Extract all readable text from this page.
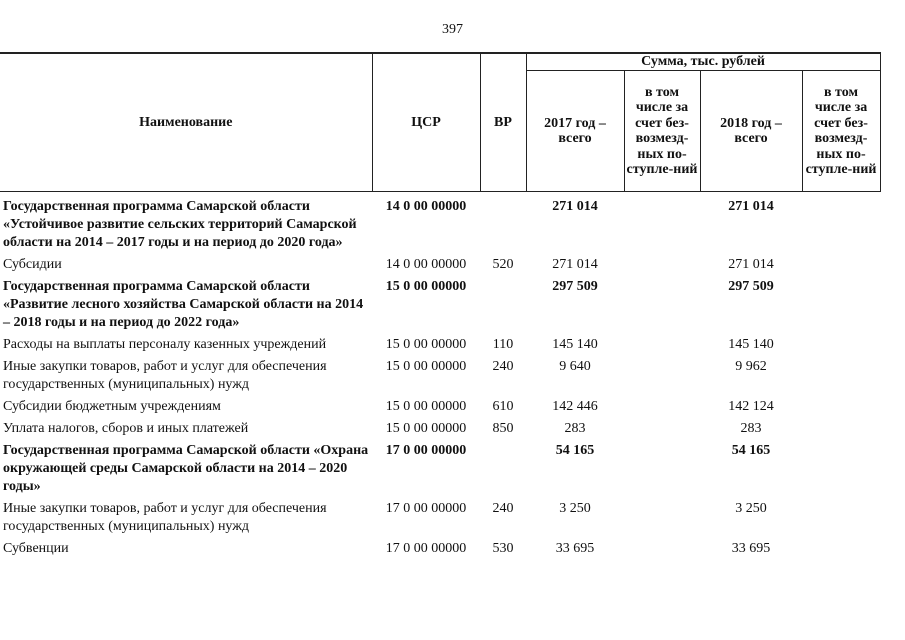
397
Наименование	ЦСР	ВР	Сумма, тыс. рублей			
			2017 год – всего	в том числе за счет без-возмезд-ных по-ступле-ний	2018 год – всего	в том числе за счет без-возмезд-ных по-ступле-ний

Государственная программа Самарской области «Устойчивое развитие сельских территорий Самарской области на 2014 – 2017 годы и на период до 2020 года»	14 0 00 00000		271 014		271 014	
Субсидии	14 0 00 00000	520	271 014		271 014	
Государственная программа Самарской области «Развитие лесного хозяйства Самарской области на 2014 – 2018 годы и на период до 2022 года»	15 0 00 00000		297 509		297 509	
Расходы на выплаты персоналу казенных учреждений	15 0 00 00000	110	145 140		145 140	
Иные закупки товаров, работ и услуг для обеспечения государственных (муниципальных) нужд	15 0 00 00000	240	9 640		9 962	
Субсидии бюджетным учреждениям	15 0 00 00000	610	142 446		142 124	
Уплата налогов, сборов и иных платежей	15 0 00 00000	850	283		283	
Государственная программа Самарской области «Охрана окружающей среды Самарской области на 2014 – 2020 годы»	17 0 00 00000		54 165		54 165	
Иные закупки товаров, работ и услуг для обеспечения государственных (муниципальных) нужд	17 0 00 00000	240	3 250		3 250	
Субвенции	17 0 00 00000	530	33 695		33 695	
